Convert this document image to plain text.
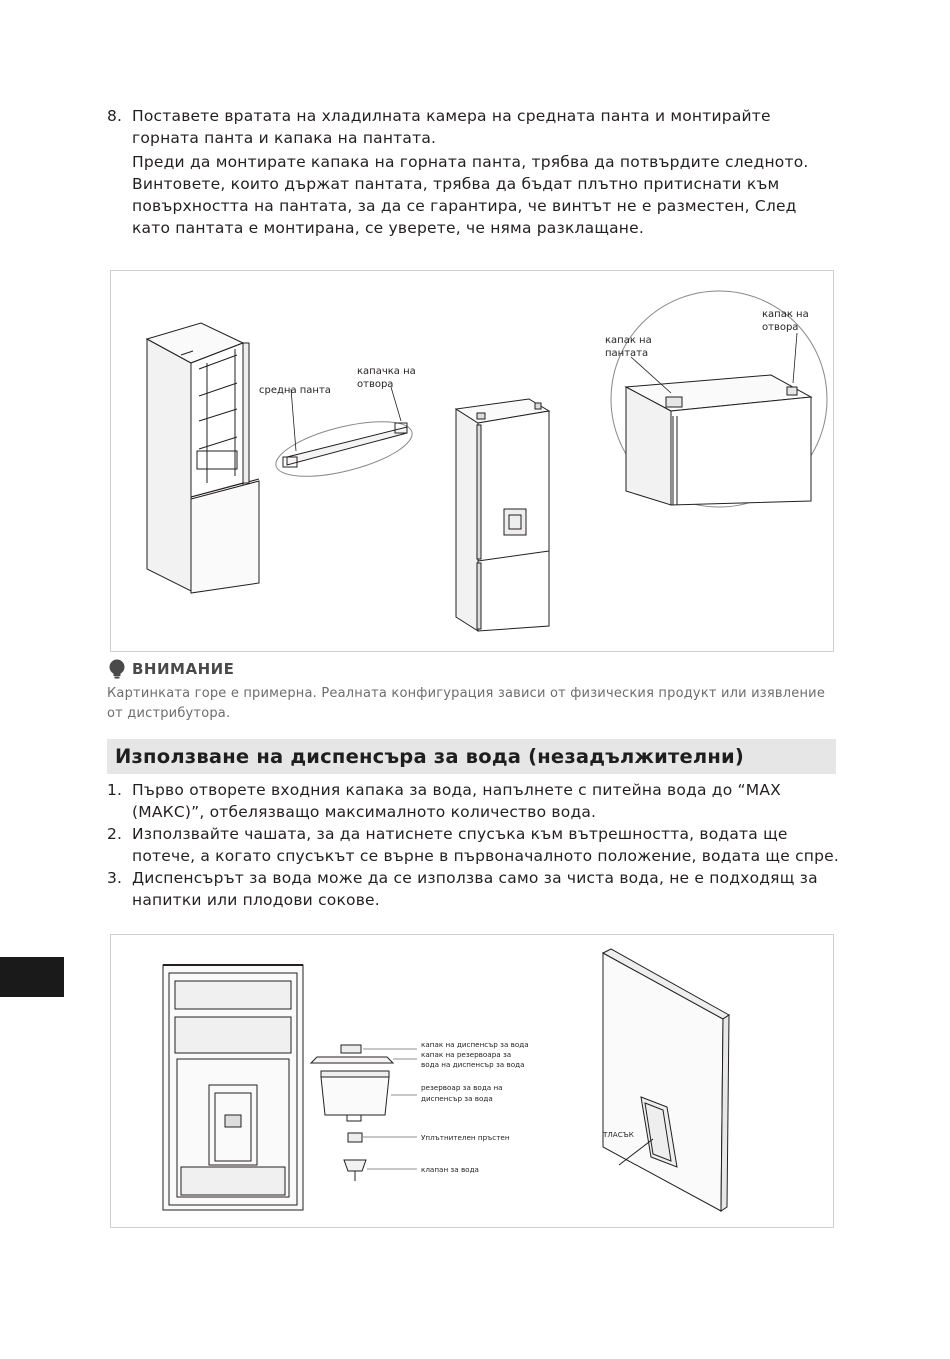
8. Поставете вратата на хладилната камера на средната панта и монтирайте горната панта и капака на пантата.

Преди да монтирате капака на горната панта, трябва да потвърдите следното. Винтовете, които държат пантата, трябва да бъдат плътно притиснати към повърхността на пантата, за да се гарантира, че винтът не е разместен, След като пантата е монтирана, се уверете, че няма разклащане.

средна панта
капачка на
отвора
капак на
пантата
капак на
отвора
ВНИМАНИЕ
Картинката горе е примерна. Реалната конфигурация зависи от физическия продукт или изявление от дистрибутора.
Използване на диспенсъра за вода (незадължителни)
1. Първо отворете входния капака за вода, напълнете с питейна вода до “MAX (МАКС)”, отбелязващо максималното количество вода.

2. Използвайте чашата, за да натиснете спусъка към вътрешността, водата ще потече, а когато спусъкът се върне в първоначалното положение, водата ще спре.

3. Диспенсърът за вода може да се използва само за чиста вода, не е подходящ за напитки или плодови сокове.

капак на диспенсър за вода
капак на резервоара за
вода на диспенсър за вода
резервоар за вода на
диспенсър за вода
Уплътнителен пръстен
клапан за вода
ТЛАСЪК
